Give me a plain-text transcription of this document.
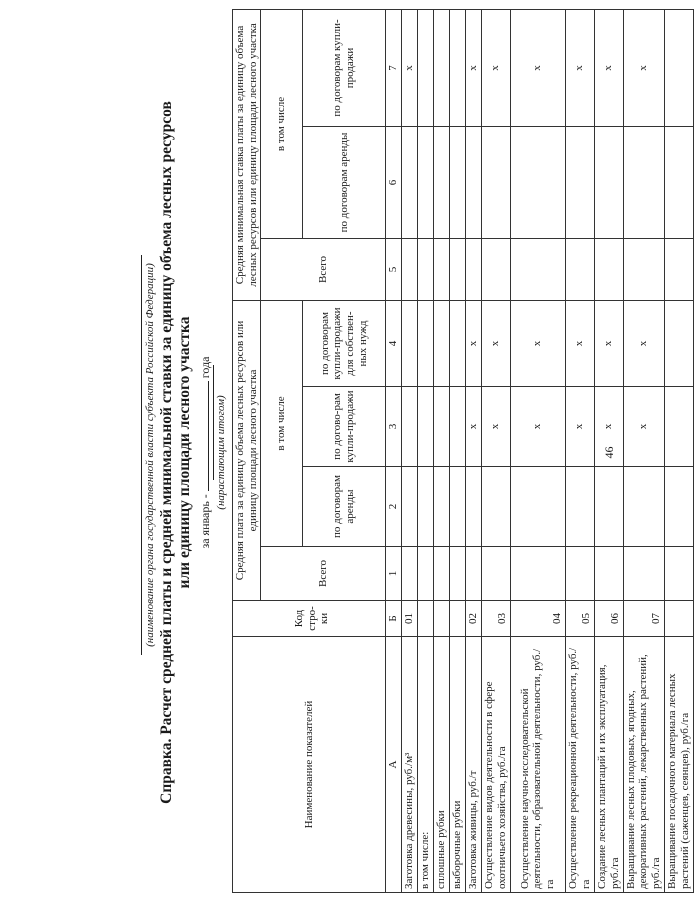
(наименование органа государственной власти субъекта Российской Федерации) Справка. Расчет средней платы и средней минимальной ставки за единицу объема лесных ресурсов или единицу площади лесного участка за январь -  года
(нарастающим итогом)
Наименование показателей	Код стро-ки	Средняя плата за единицу объема лесных ресурсов или единицу площади лесного участка				Средняя минимальная ставка платы за единицу объема лесных ресурсов или единицу площади лесного участка		
		Всего	в том числе			Всего	в том числе	
			по договорам аренды	по догово-рам купли-продажи	по договорам купли-продажи для собствен-ных нужд		по договорам аренды	по договорам купли-продажи
А	Б	1	2	3	4	5	6	7
Заготовка древесины, руб./м³	01							х
в том числе:								
сплошные рубки								
выборочные рубки								
Заготовка живицы, руб./т	02			х	х			х
Осуществление видов деятельности в сфере охотничьего хозяйства, руб./га	03			х	х			х
Осуществление научно-исследовательской деятельности, образовательной деятельности, руб./га	04			х	х			х
Осуществление рекреационной деятельности, руб./га	05			х	х			х
Создание лесных плантаций и их эксплуатация, руб./га	06			х	х			х
Выращивание лесных плодовых, ягодных, декоративных растений, лекарственных растений, руб./га	07			х	х			х
Выращивание посадочного материала лесных растений (саженцев, сеянцев), руб./га								
46
